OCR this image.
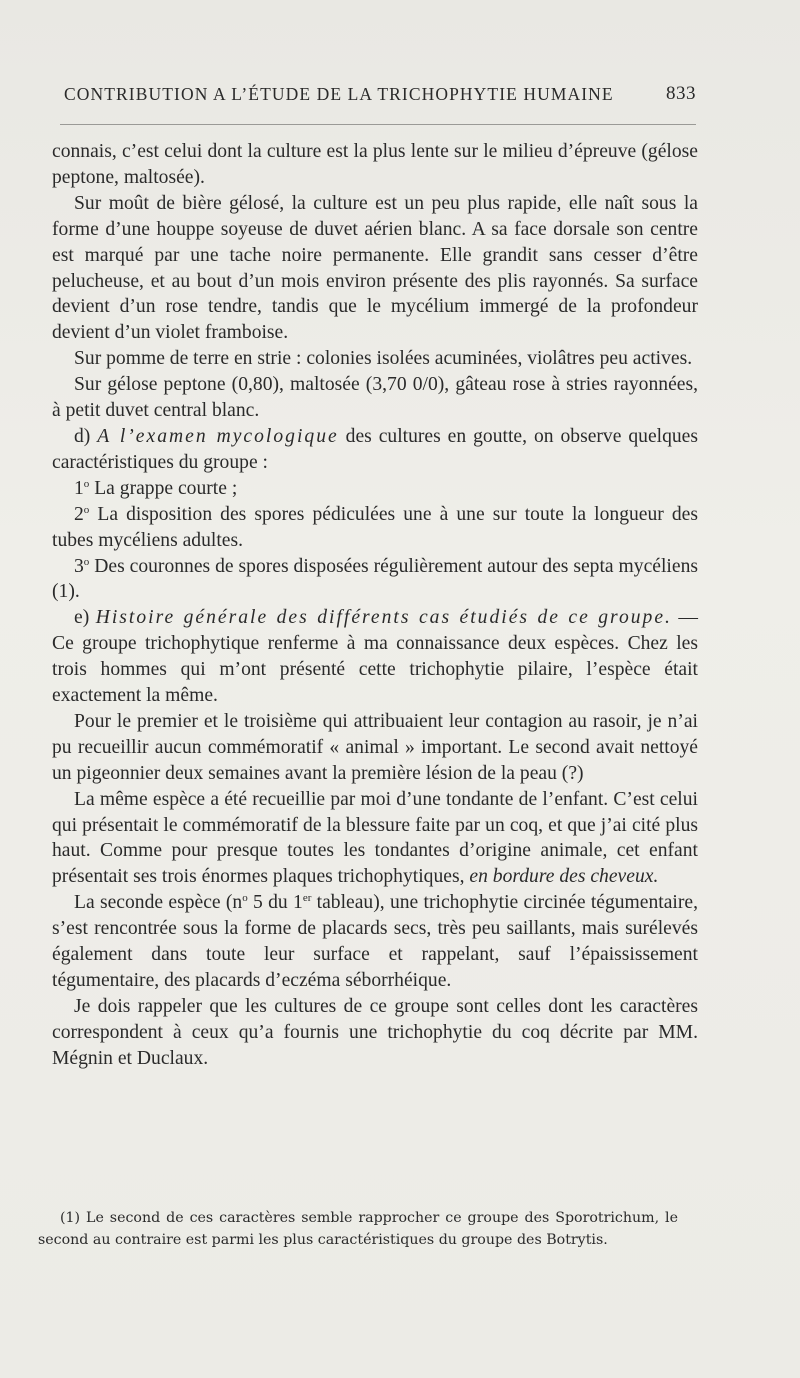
CONTRIBUTION A L’ÉTUDE DE LA TRICHOPHYTIE HUMAINE	833

connais, c’est celui dont la culture est la plus lente sur le milieu d’épreuve (gélose peptone, maltosée).

Sur moût de bière gélosé, la culture est un peu plus rapide, elle naît sous la forme d’une houppe soyeuse de duvet aérien blanc. A sa face dorsale son centre est marqué par une tache noire permanente. Elle grandit sans cesser d’être pelucheuse, et au bout d’un mois environ présente des plis rayonnés. Sa surface devient d’un rose tendre, tandis que le mycélium immergé de la profondeur devient d’un violet framboise.

Sur pomme de terre en strie : colonies isolées acuminées, violâtres peu actives.

Sur gélose peptone (0,80), maltosée (3,70 0/0), gâteau rose à stries rayonnées, à petit duvet central blanc.

d) A l’examen mycologique des cultures en goutte, on observe quelques caractéristiques du groupe :

1$^o$ La grappe courte ;

2$^o$ La disposition des spores pédiculées une à une sur toute la longueur des tubes mycéliens adultes.

3$^o$ Des couronnes de spores disposées régulièrement autour des septa mycéliens (1).

e) Histoire générale des différents cas étudiés de ce groupe. — Ce groupe trichophytique renferme à ma connaissance deux espèces. Chez les trois hommes qui m’ont présenté cette trichophytie pilaire, l’espèce était exactement la même.

Pour le premier et le troisième qui attribuaient leur contagion au rasoir, je n’ai pu recueillir aucun commémoratif « animal » important. Le second avait nettoyé un pigeonnier deux semaines avant la première lésion de la peau (?)

La même espèce a été recueillie par moi d’une tondante de l’enfant. C’est celui qui présentait le commémoratif de la blessure faite par un coq, et que j’ai cité plus haut. Comme pour presque toutes les tondantes d’origine animale, cet enfant présentait ses trois énormes plaques trichophytiques, en bordure des cheveux.

La seconde espèce ($n^o$ 5 du 1er tableau), une trichophytie circinée tégumentaire, s’est rencontrée sous la forme de placards secs, très peu saillants, mais surélevés également dans toute leur surface et rappelant, sauf l’épaississement tégumentaire, des placards d’eczéma séborrhéique.

Je dois rappeler que les cultures de ce groupe sont celles dont les caractères correspondent à ceux qu’a fournis une trichophytie du coq décrite par MM. Mégnin et Duclaux.

(1) Le second de ces caractères semble rapprocher ce groupe des Sporotrichum, le second au contraire est parmi les plus caractéristiques du groupe des Botrytis.
